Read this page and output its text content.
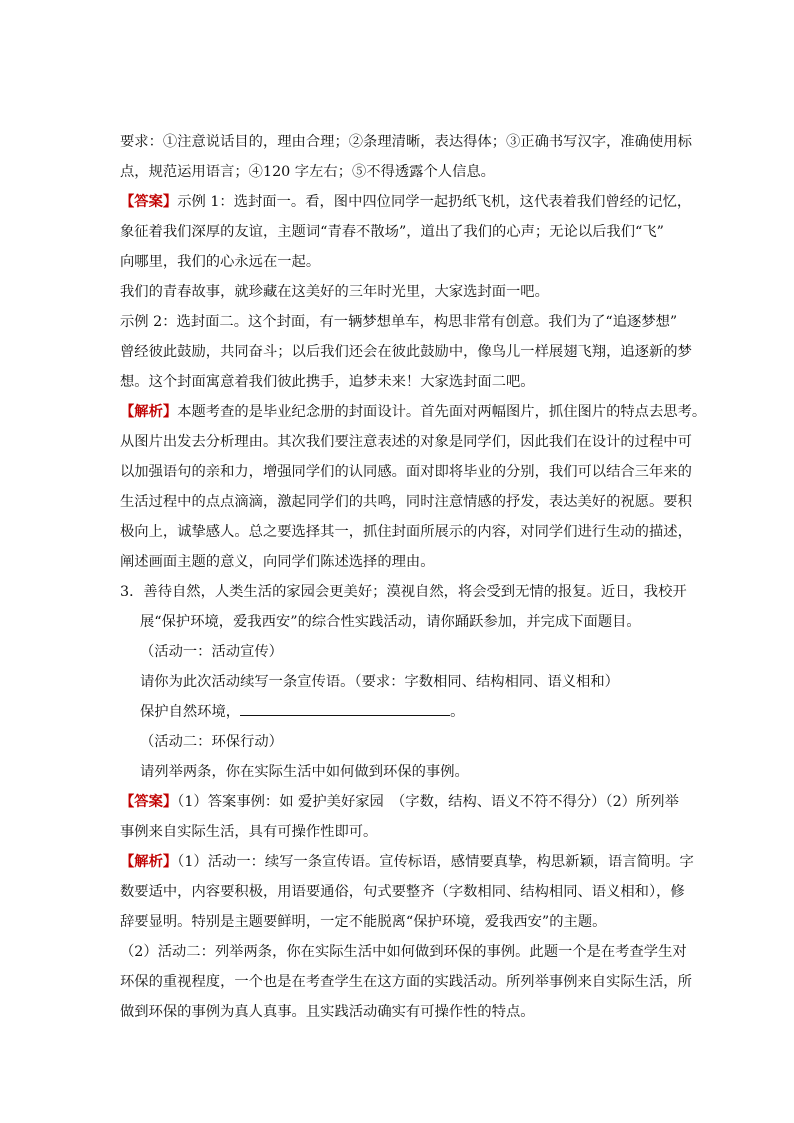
要求：①注意说话目的，理由合理；②条理清晰，表达得体；③正确书写汉字，准确使用标
点，规范运用语言；④120 字左右；⑤不得透露个人信息。
【答案】示例 1：选封面一。看，图中四位同学一起扔纸飞机，这代表着我们曾经的记忆，
象征着我们深厚的友谊，主题词“青春不散场”，道出了我们的心声；无论以后我们“飞”
向哪里，我们的心永远在一起。
我们的青春故事，就珍藏在这美好的三年时光里，大家选封面一吧。
示例 2：选封面二。这个封面，有一辆梦想单车，构思非常有创意。我们为了“追逐梦想”
曾经彼此鼓励，共同奋斗；以后我们还会在彼此鼓励中，像鸟儿一样展翅飞翔，追逐新的梦
想。这个封面寓意着我们彼此携手，追梦未来！大家选封面二吧。
【解析】本题考查的是毕业纪念册的封面设计。首先面对两幅图片，抓住图片的特点去思考。
从图片出发去分析理由。其次我们要注意表述的对象是同学们，因此我们在设计的过程中可
以加强语句的亲和力，增强同学们的认同感。面对即将毕业的分别，我们可以结合三年来的
生活过程中的点点滴滴，激起同学们的共鸣，同时注意情感的抒发，表达美好的祝愿。要积
极向上，诚挚感人。总之要选择其一，抓住封面所展示的内容，对同学们进行生动的描述，
阐述画面主题的意义，向同学们陈述选择的理由。
3．善待自然，人类生活的家园会更美好；漠视自然，将会受到无情的报复。近日，我校开
展“保护环境，爱我西安”的综合性实践活动，请你踊跃参加，并完成下面题目。
（活动一：活动宣传）
请你为此次活动续写一条宣传语。（要求：字数相同、结构相同、语义相和）
保护自然环境，	。
（活动二：环保行动）
请列举两条，你在实际生活中如何做到环保的事例。
【答案】（1）答案事例：如 爱护美好家园　（字数，结构、语义不符不得分）（2）所列举
事例来自实际生活，具有可操作性即可。
【解析】（1）活动一：续写一条宣传语。宣传标语，感情要真挚，构思新颖，语言简明。字
数要适中，内容要积极，用语要通俗，句式要整齐（字数相同、结构相同、语义相和），修
辞要显明。特别是主题要鲜明，一定不能脱离“保护环境，爱我西安”的主题。
（2）活动二：列举两条，你在实际生活中如何做到环保的事例。此题一个是在考查学生对
环保的重视程度，一个也是在考查学生在这方面的实践活动。所列举事例来自实际生活，所
做到环保的事例为真人真事。且实践活动确实有可操作性的特点。
